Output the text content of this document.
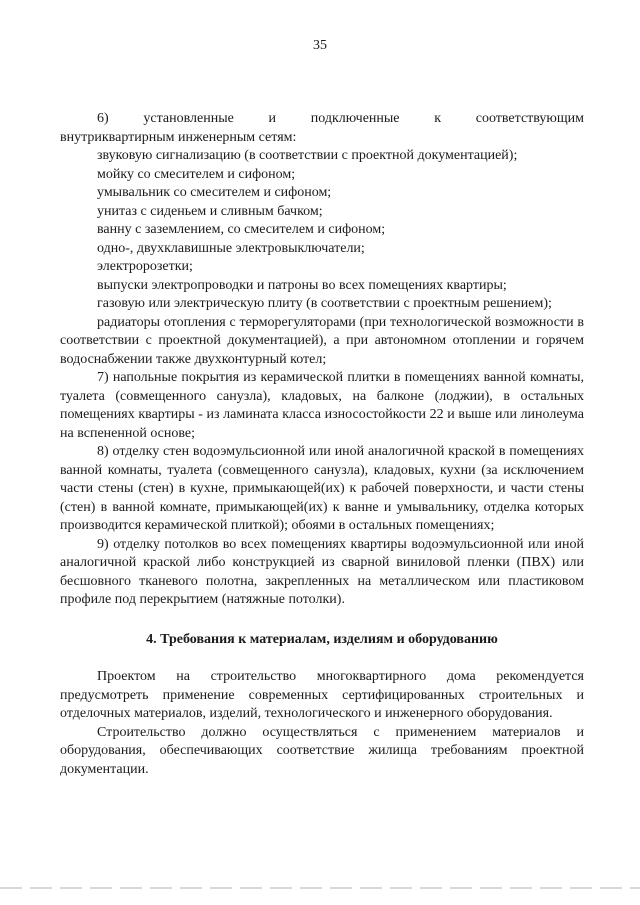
35

6) установленные и подключенные к соответствующим

внутриквартирным инженерным сетям:

звуковую сигнализацию (в соответствии с проектной документацией);

мойку со смесителем и сифоном;

умывальник со смесителем и сифоном;

унитаз с сиденьем и сливным бачком;

ванну с заземлением, со смесителем и сифоном;

одно-, двухклавишные электровыключатели;

электророзетки;

выпуски электропроводки и патроны во всех помещениях квартиры;

газовую или электрическую плиту (в соответствии с проектным решением);

радиаторы отопления с терморегуляторами (при технологической возможности в соответствии с проектной документацией), а при автономном отоплении и горячем водоснабжении также двухконтурный котел;

7) напольные покрытия из керамической плитки в помещениях ванной комнаты, туалета (совмещенного санузла), кладовых, на балконе (лоджии), в остальных помещениях квартиры - из ламината класса износостойкости 22 и выше или линолеума на вспененной основе;

8) отделку стен водоэмульсионной или иной аналогичной краской в помещениях ванной комнаты, туалета (совмещенного санузла), кладовых, кухни (за исключением части стены (стен) в кухне, примыкающей(их) к рабочей поверхности, и части стены (стен) в ванной комнате, примыкающей(их) к ванне и умывальнику, отделка которых производится керамической плиткой); обоями в остальных помещениях;

9) отделку потолков во всех помещениях квартиры водоэмульсионной или иной аналогичной краской либо конструкцией из сварной виниловой пленки (ПВХ) или бесшовного тканевого полотна, закрепленных на металлическом или пластиковом профиле под перекрытием (натяжные потолки).

4. Требования к материалам, изделиям и оборудованию

Проектом на строительство многоквартирного дома рекомендуется предусмотреть применение современных сертифицированных строительных и отделочных материалов, изделий, технологического и инженерного оборудования.

Строительство должно осуществляться с применением материалов и оборудования, обеспечивающих соответствие жилища требованиям проектной документации.
